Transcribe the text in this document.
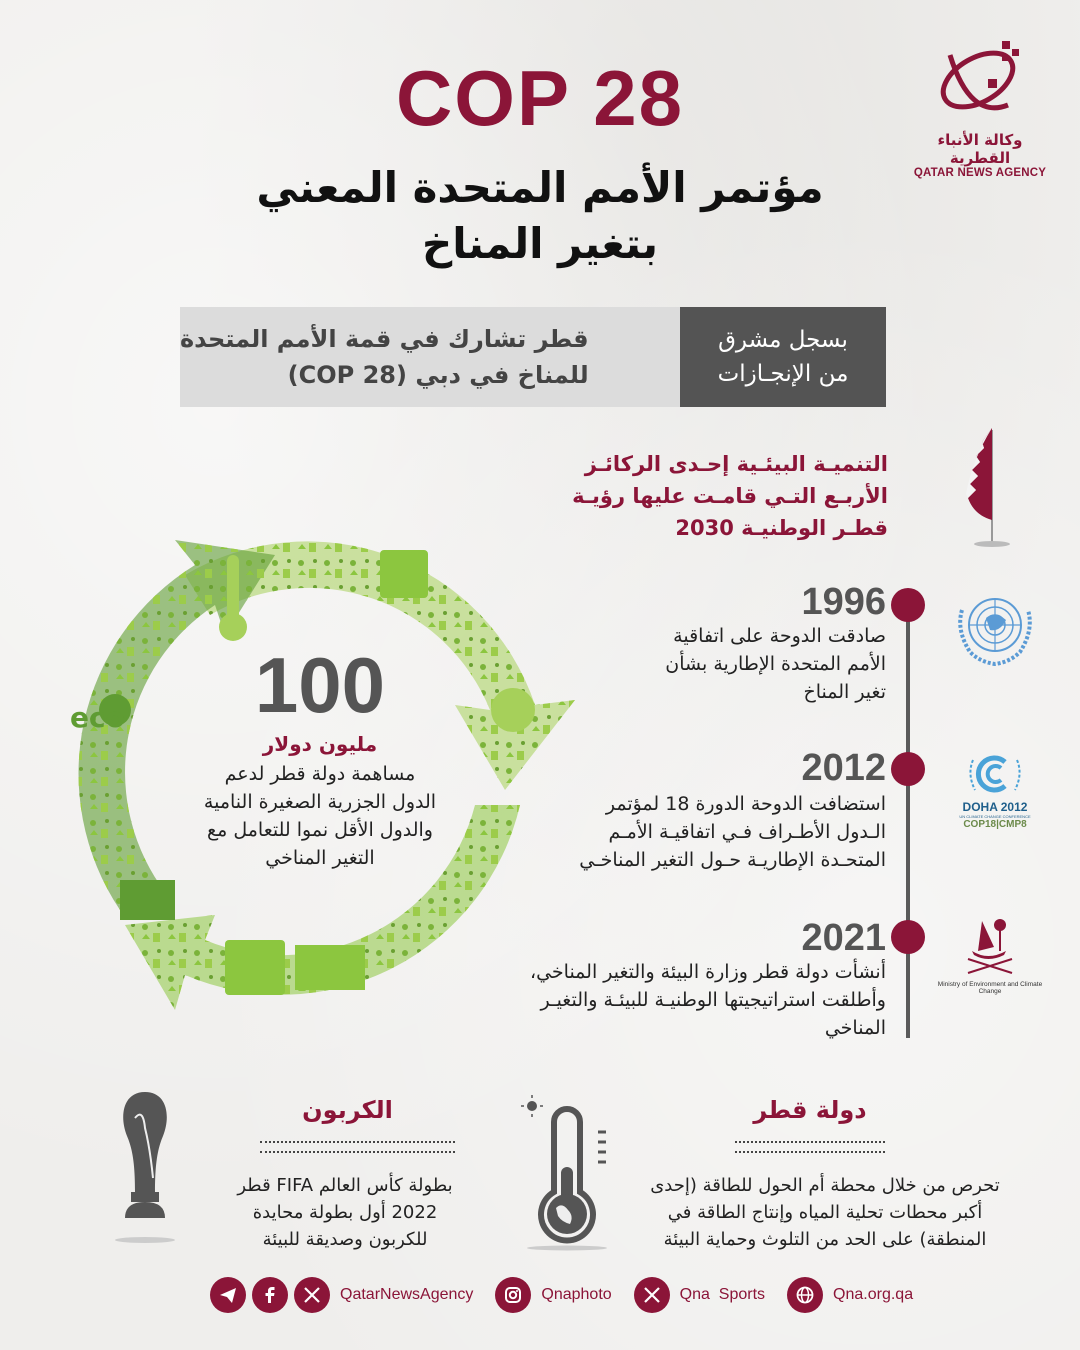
وكالة الأنباء القطرية
QATAR NEWS AGENCY
COP 28
مؤتمر الأمم المتحدة المعني
بتغير المناخ
قطر تشارك في قمة الأمم المتحدة
للمناخ في دبي (COP 28)
بسجل مشرق
من الإنجـازات
التنميـة البيئـية إحـدى الركائـز
الأربـع التـي قامـت عليها رؤيـة
قطـر الوطنيـة 2030
eco	100
مليون دولار
مساهمة دولة قطر لدعم
الدول الجزرية الصغيرة النامية
والدول الأقل نموا للتعامل مع
التغير المناخي
1996
صادقت الدوحة على اتفاقية
الأمم المتحدة الإطارية بشأن
تغير المناخ
2012
استضافت الدوحة الدورة 18 لمؤتمر
الـدول الأطـراف فـي اتفاقيـة الأمـم
المتحـدة الإطاريـة حـول التغير المناخـي
DOHA 2012
UN CLIMATE CHANGE CONFERENCE
COP18|CMP8
2021
أنشأت دولة قطر وزارة البيئة والتغير المناخي،
وأطلقت استراتيجيتها الوطنيـة للبيئـة والتغيـر
المناخي
Ministry of Environment and Climate Change
الكربون
بطولة كأس العالم FIFA قطر
2022 أول بطولة محايدة
للكربون وصديقة للبيئة
دولة قطر
تحرص من خلال محطة أم الحول للطاقة (إحدى
أكبر محطات تحلية المياه وإنتاج الطاقة في
المنطقة) على الحد من التلوث وحماية البيئة
QatarNewsAgency	Qnaphoto	Qna  Sports	Qna.org.qa
